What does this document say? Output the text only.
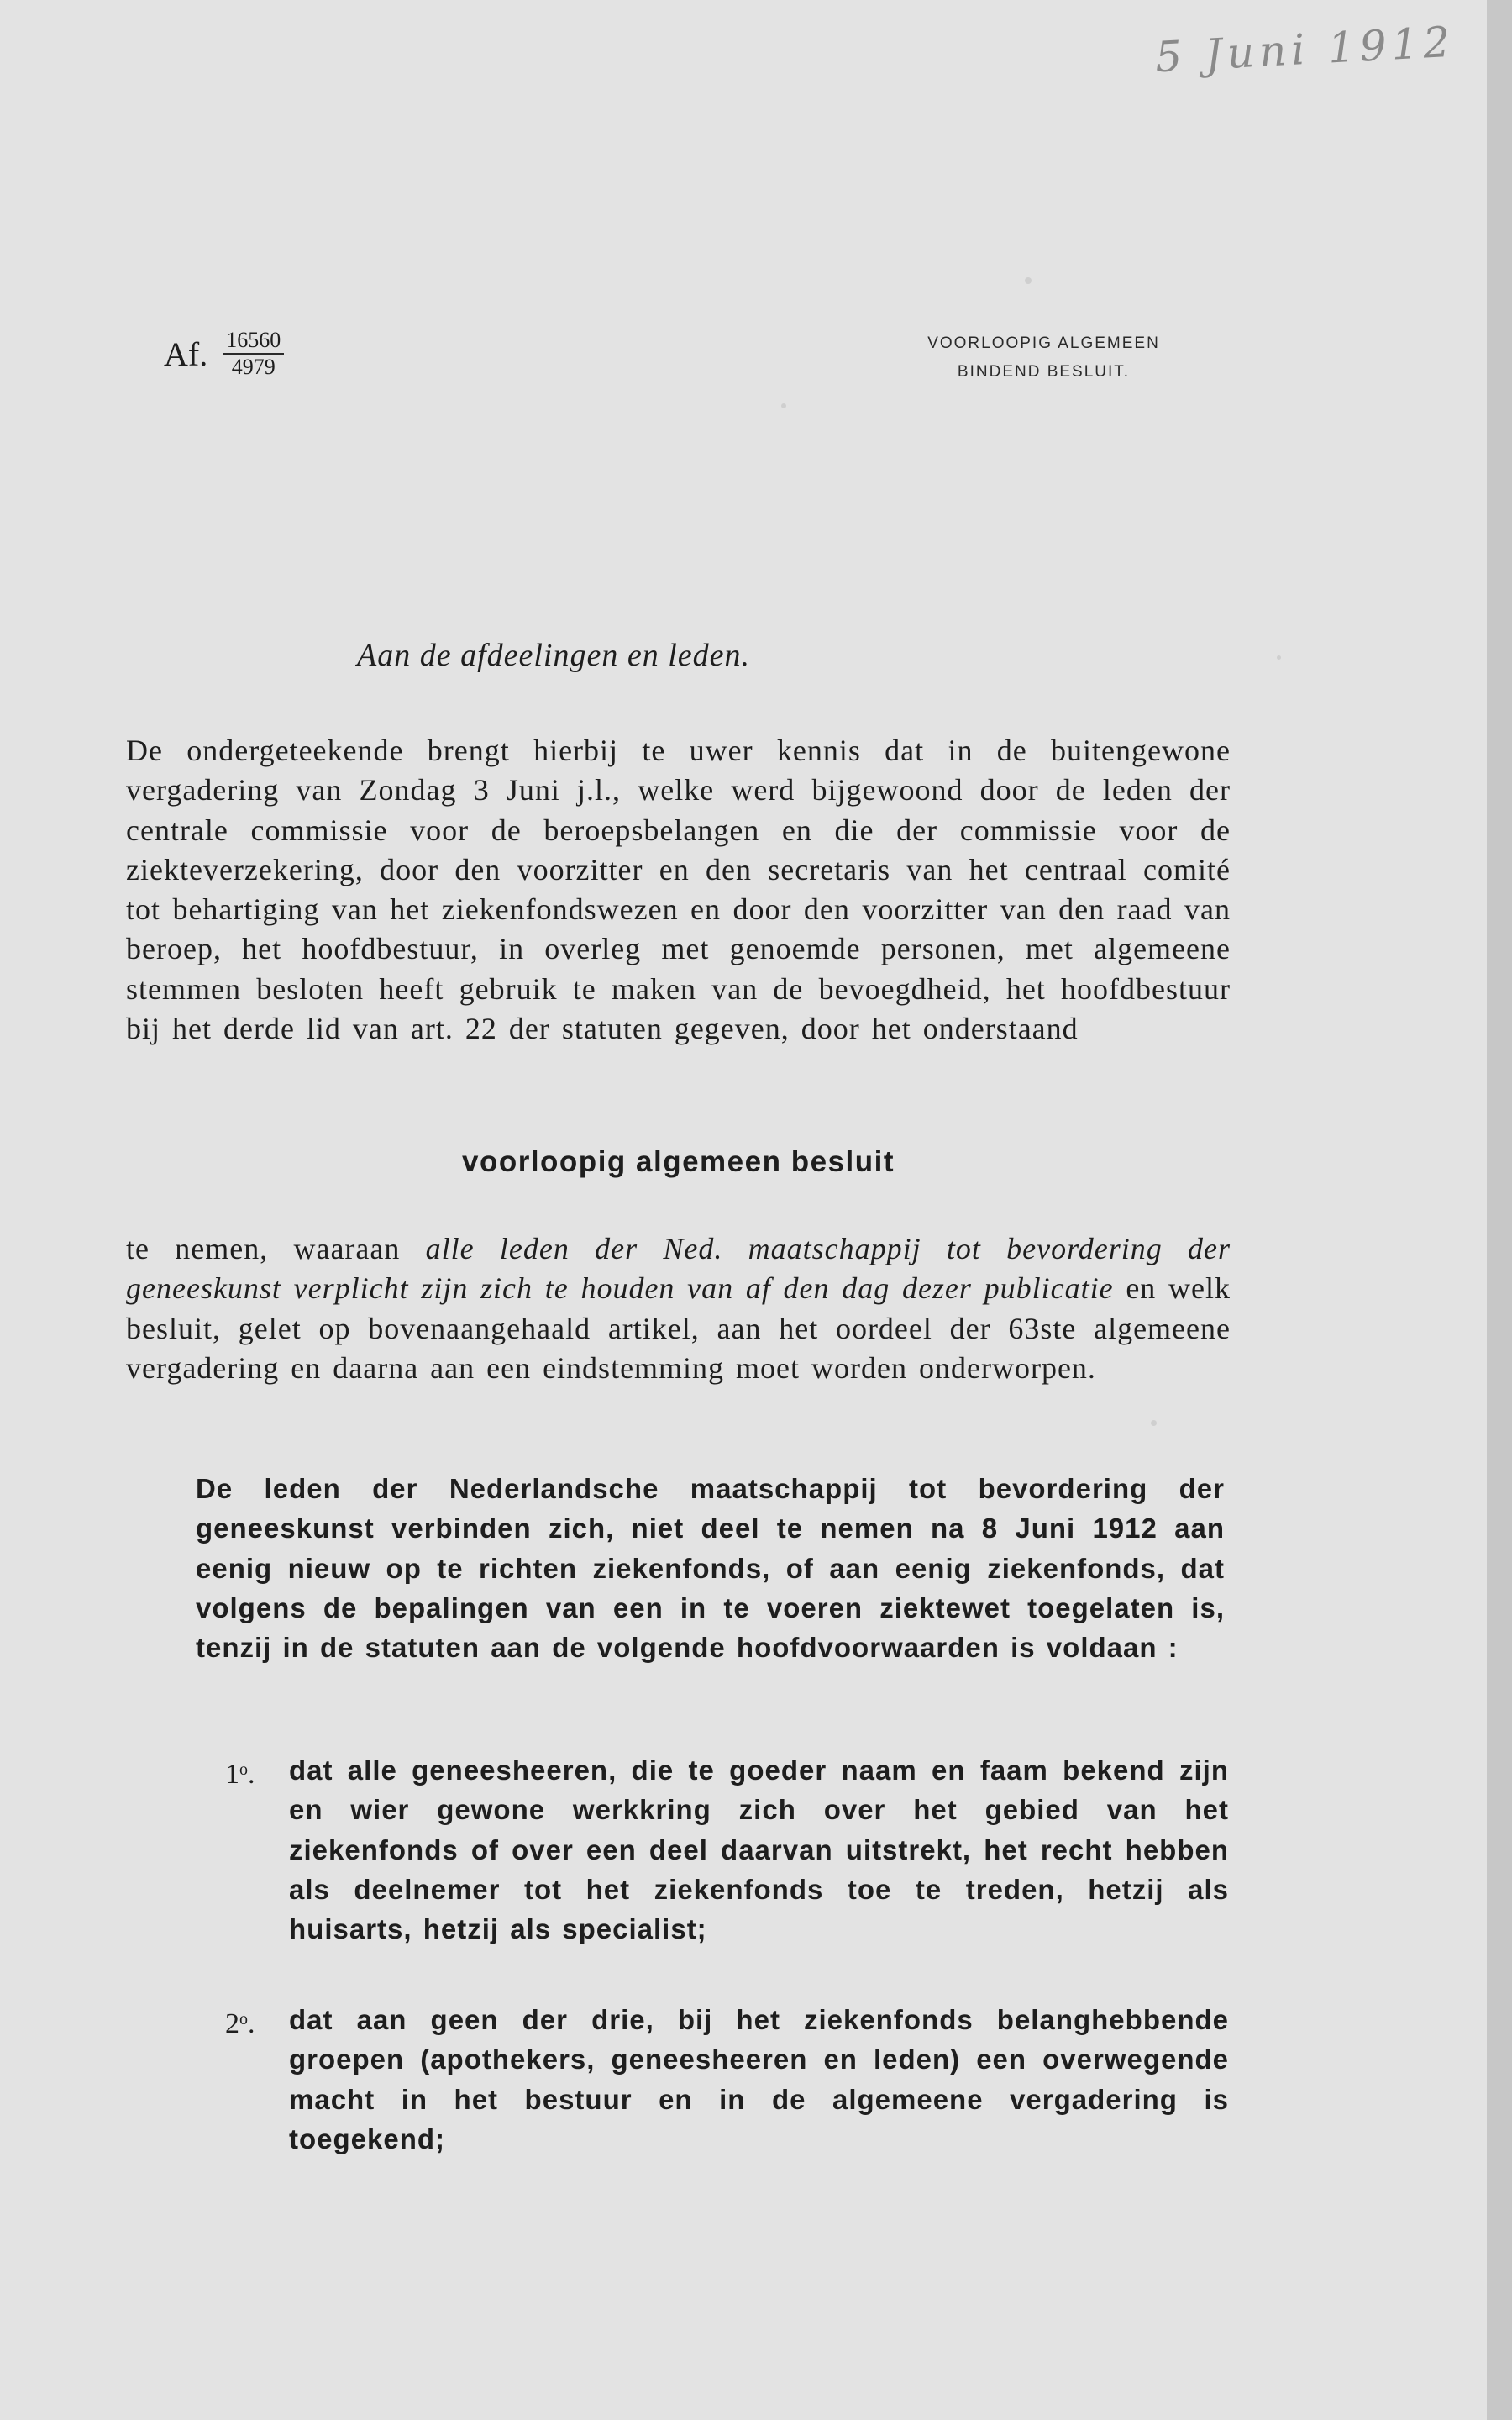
5 Juni 1912
Af. $\frac{16560}{4979}$	VOORLOOPIG ALGEMEEN
BINDEND BESLUIT.
Aan de afdeelingen en leden.
De ondergeteekende brengt hierbij te uwer kennis dat in de buitengewone vergadering van Zondag 3 Juni j.l., welke werd bijgewoond door de leden der centrale commissie voor de beroepsbelangen en die der commissie voor de ziekteverzekering, door den voorzitter en den secretaris van het centraal comité tot behartiging van het ziekenfondswezen en door den voorzitter van den raad van beroep, het hoofdbestuur, in overleg met genoemde personen, met algemeene stemmen besloten heeft gebruik te maken van de bevoegdheid, het hoofdbestuur bij het derde lid van art. 22 der statuten gegeven, door het onderstaand
voorloopig algemeen besluit
te nemen, waaraan alle leden der Ned. maatschappij tot bevordering der geneeskunst verplicht zijn zich te houden van af den dag dezer publicatie en welk besluit, gelet op bovenaangehaald artikel, aan het oordeel der 63ste algemeene vergadering en daarna aan een eindstemming moet worden onderworpen.
De leden der Nederlandsche maatschappij tot bevordering der geneeskunst verbinden zich, niet deel te nemen na 8 Juni 1912 aan eenig nieuw op te richten ziekenfonds, of aan eenig ziekenfonds, dat volgens de bepalingen van een in te voeren ziektewet toegelaten is, tenzij in de statuten aan de volgende hoofdvoorwaarden is voldaan :
1$^o$. dat alle geneesheeren, die te goeder naam en faam bekend zijn en wier gewone werkkring zich over het gebied van het ziekenfonds of over een deel daarvan uitstrekt, het recht hebben als deelnemer tot het ziekenfonds toe te treden, hetzij als huisarts, hetzij als specialist;
2$^o$. dat aan geen der drie, bij het ziekenfonds belanghebbende groepen (apothekers, geneesheeren en leden) een overwegende macht in het bestuur en in de algemeene vergadering is toegekend;
